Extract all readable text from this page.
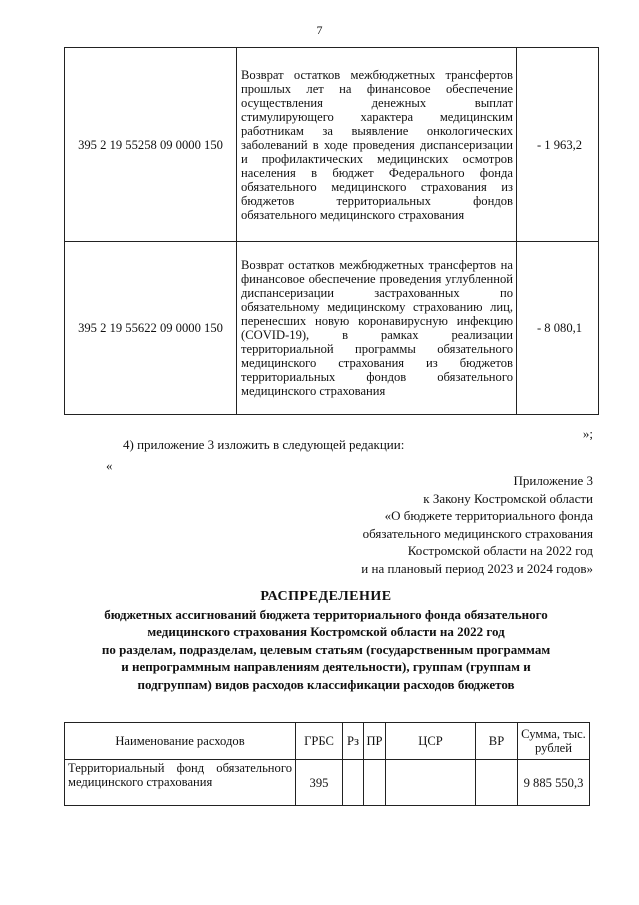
7
395 2 19 55258 09 0000 150	Возврат остатков межбюджетных трансфертов прошлых лет на финансовое обеспечение осуществления денежных выплат стимулирующего характера медицинским работникам за выявление онкологических заболеваний в ходе проведения диспансеризации и профилактических медицинских осмотров населения в бюджет Федерального фонда обязательного медицинского страхования из бюджетов территориальных фондов обязательного медицинского страхования	- 1 963,2
395 2 19 55622 09 0000 150	Возврат остатков межбюджетных трансфертов на финансовое обеспечение проведения углубленной диспансеризации застрахованных по обязательному медицинскому страхованию лиц, перенесших новую коронавирусную инфекцию (COVID-19), в рамках реализации территориальной программы обязательного медицинского страхования из бюджетов территориальных фондов обязательного медицинского страхования	- 8 080,1
»;
4) приложение 3 изложить в следующей редакции:
«
Приложение 3
к Закону Костромской области
«О бюджете территориального фонда
обязательного медицинского страхования
Костромской области на 2022 год
и на плановый период 2023 и 2024 годов»
РАСПРЕДЕЛЕНИЕ
бюджетных ассигнований бюджета территориального фонда обязательного
медицинского страхования Костромской области на 2022 год
по разделам, подразделам, целевым статьям (государственным программам
и непрограммным направлениям деятельности), группам (группам и
подгруппам) видов расходов классификации расходов бюджетов
Наименование расходов	ГРБС	Рз	ПР	ЦСР	ВР	Сумма, тыс. рублей
Территориальный фонд обязательного медицинского страхования	395					9 885 550,3
